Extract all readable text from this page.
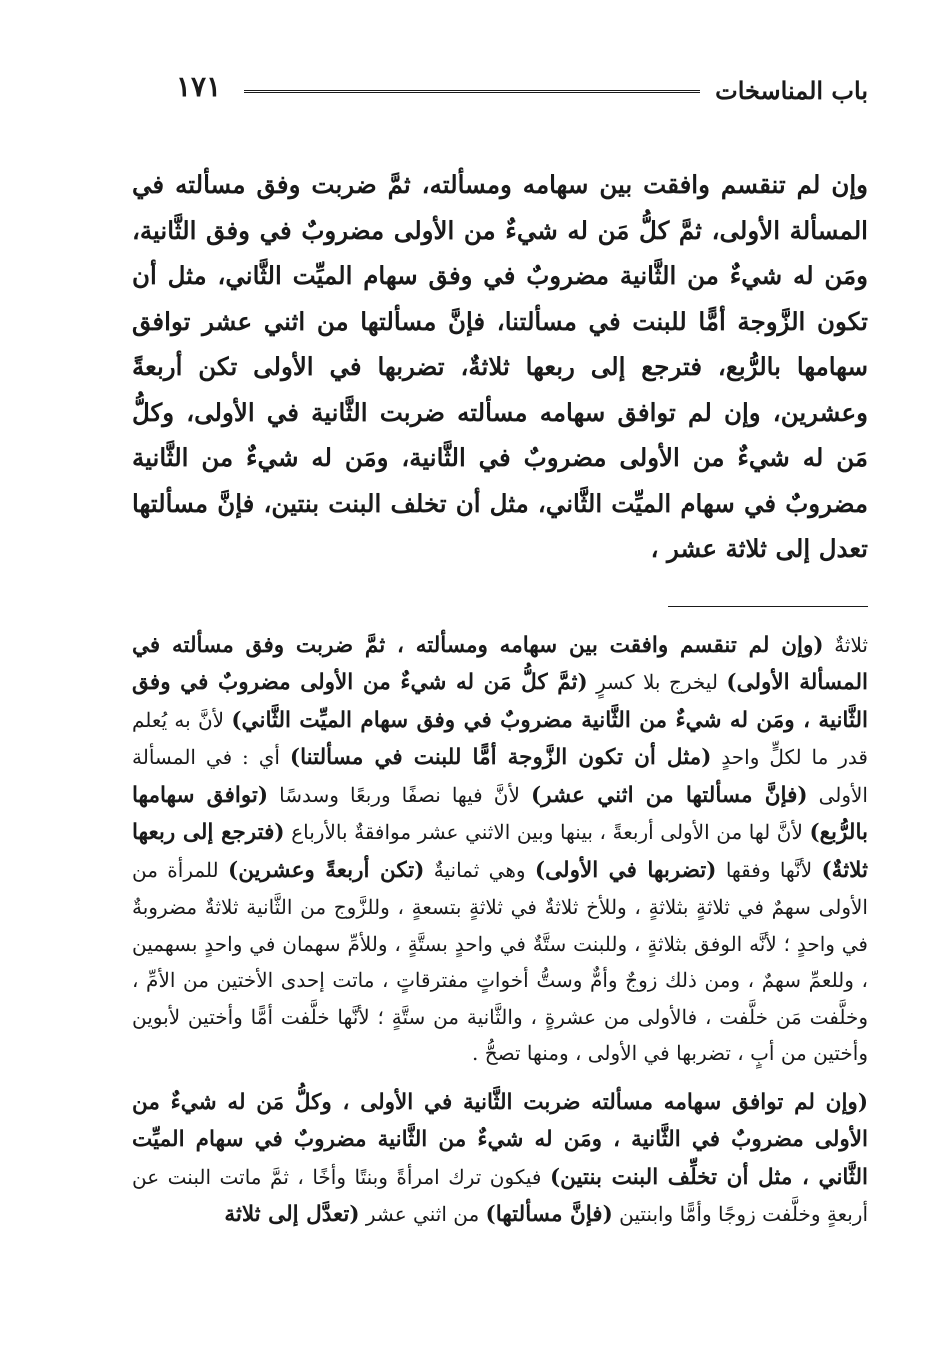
باب المناسخات
١٧١
وإن لم تنقسم وافقت بين سهامه ومسألته، ثمَّ ضربت وفق مسألته في المسألة الأولى، ثمَّ كلُّ مَن له شيءٌ من الأولى مضروبٌ في وفق الثَّانية، ومَن له شيءٌ من الثَّانية مضروبٌ في وفق سهام الميِّت الثَّاني، مثل أن تكون الزَّوجة أمًّا للبنت في مسألتنا، فإنَّ مسألتها من اثني عشر توافق سهامها بالرُّبع، فترجع إلى ربعها ثلاثةٌ، تضربها في الأولى تكن أربعةً وعشرين، وإن لم توافق سهامه مسألته ضربت الثَّانية في الأولى، وكلُّ مَن له شيءٌ من الأولى مضروبٌ في الثَّانية، ومَن له شيءٌ من الثَّانية مضروبٌ في سهام الميِّت الثَّاني، مثل أن تخلف البنت بنتين، فإنَّ مسألتها تعدل إلى ثلاثة عشر ،

ثلاثةٌ (وإن لم تنقسم وافقت بين سهامه ومسألته ، ثمَّ ضربت وفق مسألته في المسألة الأولى) ليخرج بلا كسرٍ (ثمَّ كلُّ مَن له شيءٌ من الأولى مضروبٌ في وفق الثَّانية ، ومَن له شيءٌ من الثَّانية مضروبٌ في وفق سهام الميِّت الثَّاني) لأنَّ به يُعلم قدر ما لكلٍّ واحدٍ (مثل أن تكون الزَّوجة أمًّا للبنت في مسألتنا) أي : في المسألة الأولى (فإنَّ مسألتها من اثني عشر) لأنَّ فيها نصفًا وربعًا وسدسًا (توافق سهامها بالرُّبع) لأنَّ لها من الأولى أربعةً ، بينها وبين الاثني عشر موافقةٌ بالأرباع (فترجع إلى ربعها ثلاثةٌ) لأنَّها وفقها (تضربها في الأولى) وهي ثمانيةٌ (تكن أربعةً وعشرين) للمرأة من الأولى سهمٌ في ثلاثةٍ بثلاثةٍ ، وللأخ ثلاثةٌ في ثلاثةٍ بتسعةٍ ، وللزَّوج من الثَّانية ثلاثةٌ مضروبةٌ في واحدٍ ؛ لأنَّه الوفق بثلاثةٍ ، وللبنت ستَّةٌ في واحدٍ بستَّةٍ ، وللأمِّ سهمان في واحدٍ بسهمين ، وللعمِّ سهمٌ ، ومن ذلك زوجٌ وأمٌّ وستُّ أخواتٍ مفترقاتٍ ، ماتت إحدى الأختين من الأمِّ ، وخلَّفت مَن خلَّفت ، فالأولى من عشرةٍ ، والثَّانية من ستَّةٍ ؛ لأنَّها خلَّفت أمًّا وأختين لأبوين وأختين من أبٍ ، تضربها في الأولى ، ومنها تصحُّ .

(وإن لم توافق سهامه مسألته ضربت الثَّانية في الأولى ، وكلُّ مَن له شيءٌ من الأولى مضروبٌ في الثَّانية ، ومَن له شيءٌ من الثَّانية مضروبٌ في سهام الميِّت الثَّاني ، مثل أن تخلِّف البنت بنتين) فيكون ترك امرأةً وبنتًا وأخًا ، ثمَّ ماتت البنت عن أربعةٍ وخلَّفت زوجًا وأمًّا وابنتين (فإنَّ مسألتها) من اثني عشر (تعدَّل إلى ثلاثة
